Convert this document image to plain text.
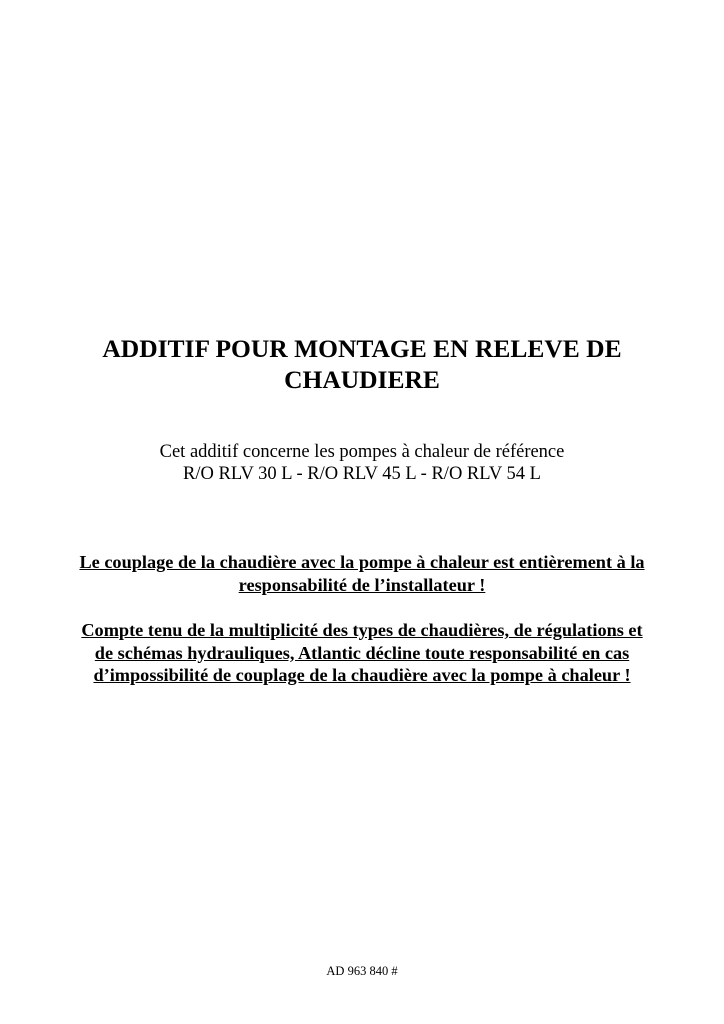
ADDITIF POUR MONTAGE EN RELEVE DE
CHAUDIERE
Cet additif concerne les pompes à chaleur de référence
R/O RLV 30 L - R/O RLV 45 L - R/O RLV 54 L
Le couplage de la chaudière avec la pompe à chaleur est entièrement à la
responsabilité de l’installateur !
Compte tenu de la multiplicité des types de chaudières, de régulations et
de schémas hydrauliques, Atlantic décline toute responsabilité en cas
d’impossibilité de couplage de la chaudière avec la pompe à chaleur !
AD 963 840 #
